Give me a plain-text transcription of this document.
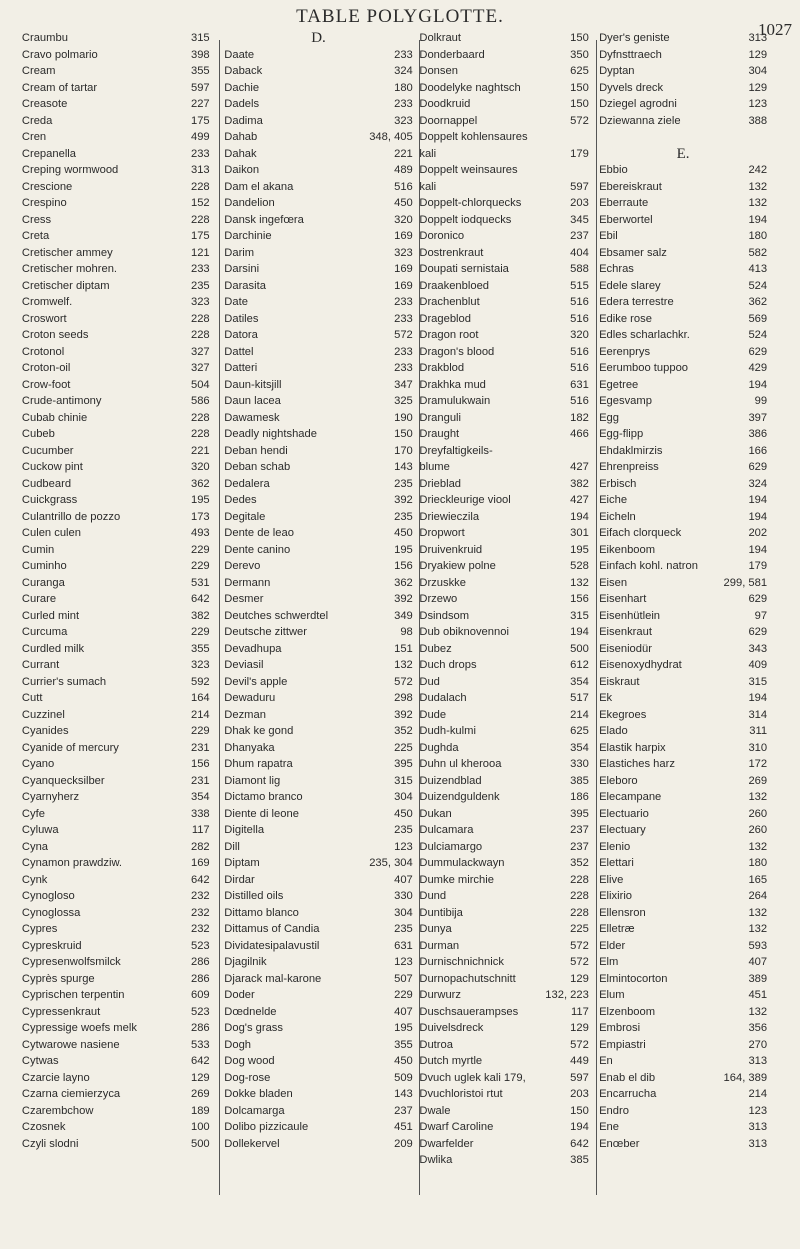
TABLE POLYGLOTTE.
1027
Craumbu	315
Cravo polmario	398
Cream	355
Cream of tartar	597
Creasote	227
Creda	175
Cren	499
Crepanella	233
Creping wormwood	313
Crescione	228
Crespino	152
Cress	228
Creta	175
Cretischer ammey	121
Cretischer mohren.	233
Cretischer diptam	235
Cromwelf.	323
Croswort	228
Croton seeds	228
Crotonol	327
Croton-oil	327
Crow-foot	504
Crude-antimony	586
Cubab chinie	228
Cubeb	228
Cucumber	221
Cuckow pint	320
Cudbeard	362
Cuickgrass	195
Culantrillo de pozzo	173
Culen culen	493
Cumin	229
Cuminho	229
Curanga	531
Curare	642
Curled mint	382
Curcuma	229
Curdled milk	355
Currant	323
Currier's sumach	592
Cutt	164
Cuzzinel	214
Cyanides	229
Cyanide of mercury	231
Cyano	156
Cyanquecksilber	231
Cyarnyherz	354
Cyfe	338
Cyluwa	117
Cyna	282
Cynamon prawdziw.	169
Cynk	642
Cynogloso	232
Cynoglossa	232
Cypres	232
Cypreskruid	523
Cypresenwolfsmilck	286
Cyprès spurge	286
Cyprischen terpentin	609
Cypressenkraut	523
Cypressige woefs melk	286
Cytwarowe nasiene	533
Cytwas	642
Czarcie layno	129
Czarna ciemierzyca	269
Czarembchow	189
Czosnek	100
Czyli slodni	500
D.
Daate	233
Daback	324
Dachie	180
Dadels	233
Dadima	323
Dahab	348, 405
Dahak	221
Daikon	489
Dam el akana	516
Dandelion	450
Dansk ingefœra	320
Darchinie	169
Darim	323
Darsini	169
Darasita	169
Date	233
Datiles	233
Datora	572
Dattel	233
Datteri	233
Daun-kitsjill	347
Daun lacea	325
Dawamesk	190
Deadly nightshade	150
Deban hendi	170
Deban schab	143
Dedalera	235
Dedes	392
Degitale	235
Dente de leao	450
Dente canino	195
Derevo	156
Dermann	362
Desmer	392
Deutches schwerdtel	349
Deutsche zittwer	98
Devadhupa	151
Deviasil	132
Devil's apple	572
Dewaduru	298
Dezman	392
Dhak ke gond	352
Dhanyaka	225
Dhum rapatra	395
Diamont lig	315
Dictamo branco	304
Diente di leone	450
Digitella	235
Dill	123
Diptam	235, 304
Dirdar	407
Distilled oils	330
Dittamo blanco	304
Dittamus of Candia	235
Dividatesipalavustil	631
Djagilnik	123
Djarack mal-karone	507
Doder	229
Dœdnelde	407
Dog's grass	195
Dogh	355
Dog wood	450
Dog-rose	509
Dokke bladen	143
Dolcamarga	237
Dolibo pizzicaule	451
Dollekervel	209
Dolkraut	150
Donderbaard	350
Donsen	625
Doodelyke naghtsch	150
Doodkruid	150
Doornappel	572
Doppelt kohlensaures
kali	179
Doppelt weinsaures
kali	597
Doppelt-chlorquecks	203
Doppelt iodquecks	345
Doronico	237
Dostrenkraut	404
Doupati sernistaia	588
Draakenbloed	515
Drachenblut	516
Drageblod	516
Dragon root	320
Dragon's blood	516
Drakblod	516
Drakhka mud	631
Dramulukwain	516
Dranguli	182
Draught	466
Dreyfaltigkeils-
blume	427
Drieblad	382
Drieckleurige viool	427
Driewieczila	194
Dropwort	301
Druivenkruid	195
Dryakiew polne	528
Drzuskke	132
Drzewo	156
Dsindsom	315
Dub obiknovennoi	194
Dubez	500
Duch drops	612
Dud	354
Dudalach	517
Dude	214
Dudh-kulmi	625
Dughda	354
Duhn ul kherooa	330
Duizendblad	385
Duizendguldenk	186
Dukan	395
Dulcamara	237
Dulciamargo	237
Dummulackwayn	352
Dumke mirchie	228
Dund	228
Duntibija	228
Dunya	225
Durman	572
Durnischnichnick	572
Durnopachutschnitt	129
Durwurz	132, 223
Duschsauerampses	117
Duivelsdreck	129
Dutroa	572
Dutch myrtle	449
Dvuch uglek kali 179,	597
Dvuchloristoi rtut	203
Dwale	150
Dwarf Caroline	194
Dwarfelder	642
Dwlika	385
Dyer's geniste	313
Dyfnsttraech	129
Dyptan	304
Dyvels dreck	129
Dziegel agrodni	123
Dziewanna ziele	388
E.
Ebbio	242
Ebereiskraut	132
Eberraute	132
Eberwortel	194
Ebil	180
Ebsamer salz	582
Echras	413
Edele slarey	524
Edera terrestre	362
Edike rose	569
Edles scharlachkr.	524
Eerenprys	629
Eerumboo tuppoo	429
Egetree	194
Egesvamp	99
Egg	397
Egg-flipp	386
Ehdaklmirzis	166
Ehrenpreiss	629
Erbisch	324
Eiche	194
Eicheln	194
Eifach clorqueck	202
Eikenboom	194
Einfach kohl. natron	179
Eisen	299, 581
Eisenhart	629
Eisenhütlein	97
Eisenkraut	629
Eiseniodür	343
Eisenoxydhydrat	409
Eiskraut	315
Ek	194
Ekegroes	314
Elado	311
Elastik harpix	310
Elastiches harz	172
Eleboro	269
Elecampane	132
Electuario	260
Electuary	260
Elenio	132
Elettari	180
Elive	165
Elixirio	264
Ellensron	132
Elletræ	132
Elder	593
Elm	407
Elmintocorton	389
Elum	451
Elzenboom	132
Embrosi	356
Empiastri	270
En	313
Enab el dib	164, 389
Encarrucha	214
Endro	123
Ene	313
Enœber	313
